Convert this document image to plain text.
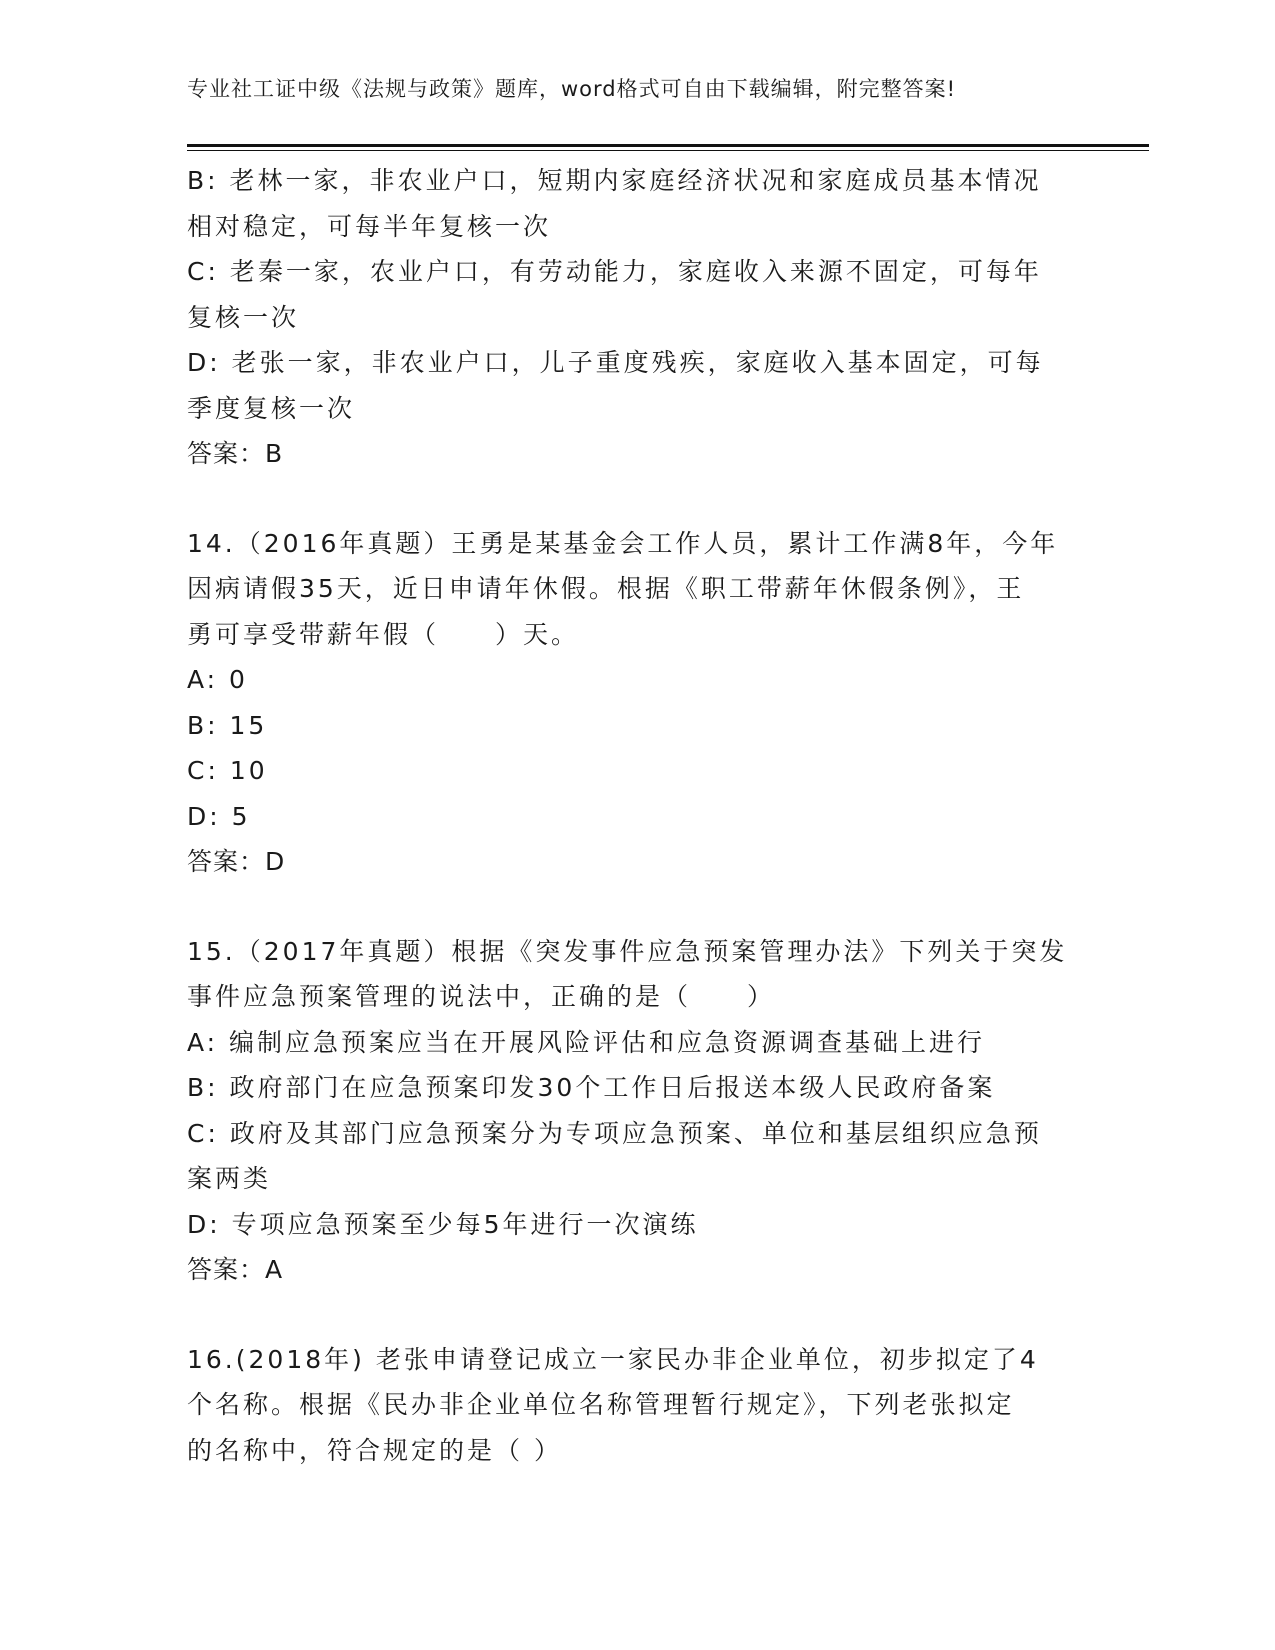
专业社工证中级《法规与政策》题库，word格式可自由下载编辑，附完整答案!
B: 老林一家，非农业户口，短期内家庭经济状况和家庭成员基本情况
相对稳定，可每半年复核一次
C: 老秦一家，农业户口，有劳动能力，家庭收入来源不固定，可每年
复核一次
D: 老张一家，非农业户口，儿子重度残疾，家庭收入基本固定，可每
季度复核一次
答案：B
14.（2016年真题）王勇是某基金会工作人员，累计工作满8年，今年
因病请假35天，近日申请年休假。根据《职工带薪年休假条例》，王
勇可享受带薪年假（　　）天。
A: 0
B: 15
C: 10
D: 5
答案：D
15.（2017年真题）根据《突发事件应急预案管理办法》下列关于突发
事件应急预案管理的说法中，正确的是（　　）
A: 编制应急预案应当在开展风险评估和应急资源调查基础上进行
B: 政府部门在应急预案印发30个工作日后报送本级人民政府备案
C: 政府及其部门应急预案分为专项应急预案、单位和基层组织应急预
案两类
D: 专项应急预案至少每5年进行一次演练
答案：A
16.(2018年) 老张申请登记成立一家民办非企业单位，初步拟定了4
个名称。根据《民办非企业单位名称管理暂行规定》，下列老张拟定
的名称中，符合规定的是（ ）
